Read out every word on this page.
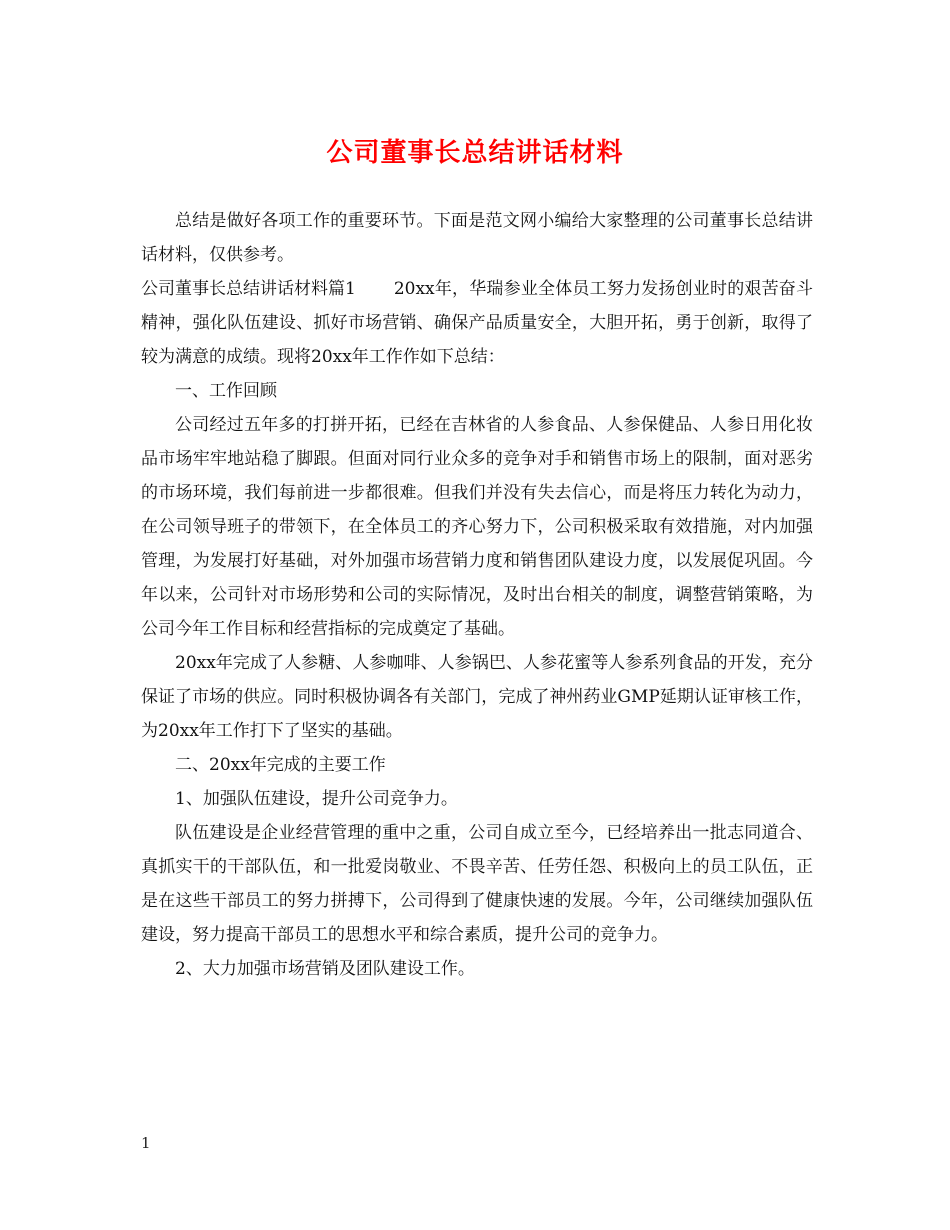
公司董事长总结讲话材料

总结是做好各项工作的重要环节。下面是范文网小编给大家整理的公司董事长总结讲话材料，仅供参考。

公司董事长总结讲话材料篇1 20xx年，华瑞参业全体员工努力发扬创业时的艰苦奋斗精神，强化队伍建设、抓好市场营销、确保产品质量安全，大胆开拓，勇于创新，取得了较为满意的成绩。现将20xx年工作作如下总结：

一、工作回顾

公司经过五年多的打拼开拓，已经在吉林省的人参食品、人参保健品、人参日用化妆品市场牢牢地站稳了脚跟。但面对同行业众多的竞争对手和销售市场上的限制，面对恶劣的市场环境，我们每前进一步都很难。但我们并没有失去信心，而是将压力转化为动力，在公司领导班子的带领下，在全体员工的齐心努力下，公司积极采取有效措施，对内加强管理，为发展打好基础，对外加强市场营销力度和销售团队建设力度，以发展促巩固。今年以来，公司针对市场形势和公司的实际情况，及时出台相关的制度，调整营销策略，为公司今年工作目标和经营指标的完成奠定了基础。

20xx年完成了人参糖、人参咖啡、人参锅巴、人参花蜜等人参系列食品的开发，充分保证了市场的供应。同时积极协调各有关部门，完成了神州药业GMP延期认证审核工作，为20xx年工作打下了坚实的基础。

二、20xx年完成的主要工作

1、加强队伍建设，提升公司竞争力。

队伍建设是企业经营管理的重中之重，公司自成立至今，已经培养出一批志同道合、真抓实干的干部队伍，和一批爱岗敬业、不畏辛苦、任劳任怨、积极向上的员工队伍，正是在这些干部员工的努力拼搏下，公司得到了健康快速的发展。今年，公司继续加强队伍建设，努力提高干部员工的思想水平和综合素质，提升公司的竞争力。

2、大力加强市场营销及团队建设工作。

1
